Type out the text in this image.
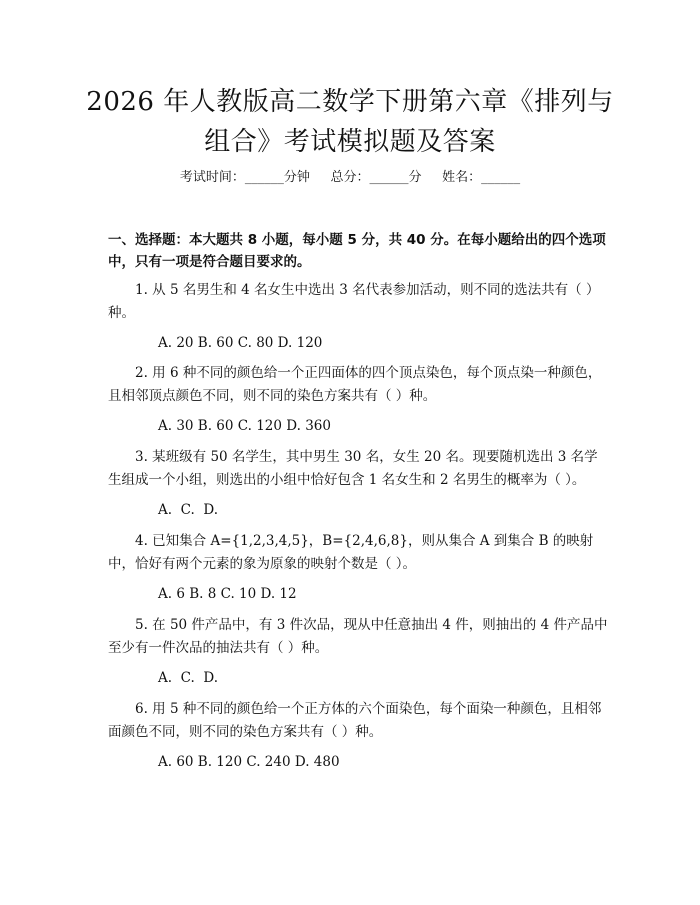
2026 年人教版高二数学下册第六章《排列与
组合》考试模拟题及答案
考试时间：______分钟     总分：______分     姓名：______
一、选择题：本大题共 8 小题，每小题 5 分，共 40 分。在每小题给出的四个选项中，只有一项是符合题目要求的。
1. 从 5 名男生和 4 名女生中选出 3 名代表参加活动，则不同的选法共有（ ）种。
A. 20 B. 60 C. 80 D. 120
2. 用 6 种不同的颜色给一个正四面体的四个顶点染色，每个顶点染一种颜色，且相邻顶点颜色不同，则不同的染色方案共有（ ）种。
A. 30 B. 60 C. 120 D. 360
3. 某班级有 50 名学生，其中男生 30 名，女生 20 名。现要随机选出 3 名学生组成一个小组，则选出的小组中恰好包含 1 名女生和 2 名男生的概率为（ ）。
A.  C.  D.
4. 已知集合 A={1,2,3,4,5}，B={2,4,6,8}，则从集合 A 到集合 B 的映射中，恰好有两个元素的象为原象的映射个数是（ ）。
A. 6 B. 8 C. 10 D. 12
5. 在 50 件产品中，有 3 件次品，现从中任意抽出 4 件，则抽出的 4 件产品中至少有一件次品的抽法共有（ ）种。
A.  C.  D.
6. 用 5 种不同的颜色给一个正方体的六个面染色，每个面染一种颜色，且相邻面颜色不同，则不同的染色方案共有（ ）种。
A. 60 B. 120 C. 240 D. 480
